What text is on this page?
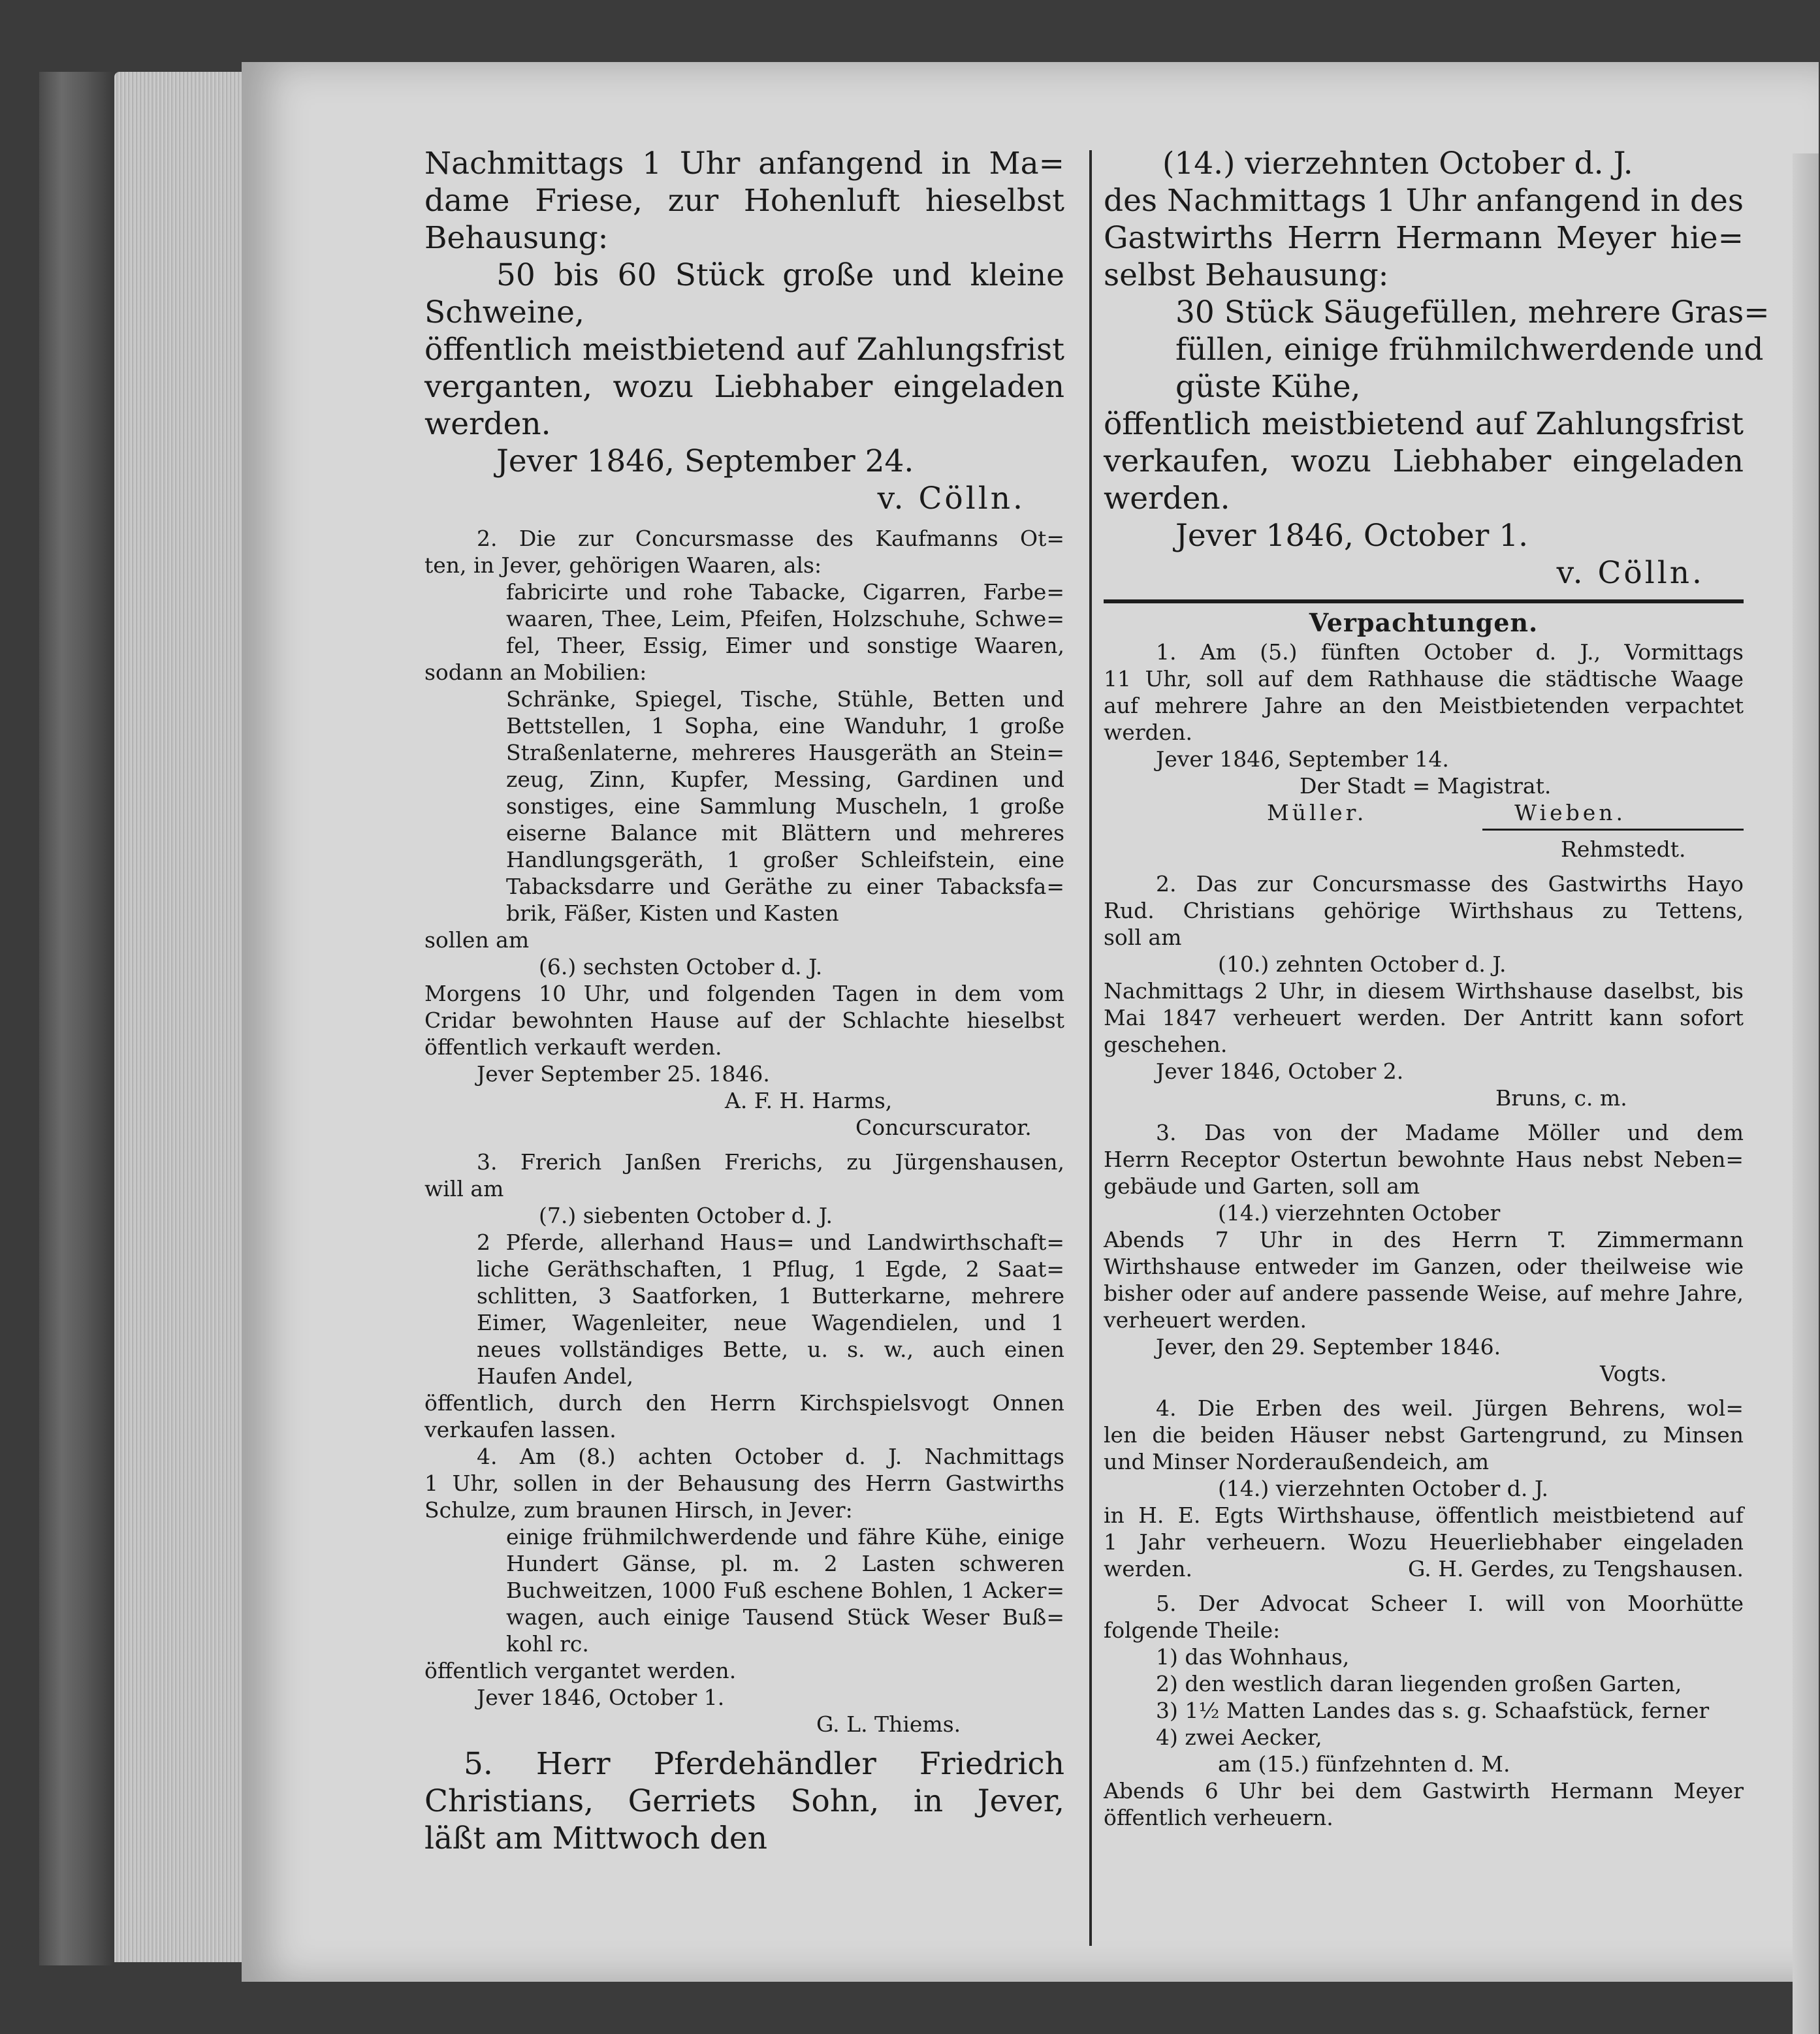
Nachmittags 1 Uhr anfangend in Ma=
dame Friese, zur Hohenluft hieselbst
Behausung:
50 bis 60 Stück große und kleine
Schweine,
öffentlich meistbietend auf Zahlungsfrist
verganten, wozu Liebhaber eingeladen
werden.
Jever 1846, September 24.
v. Cölln.
2. Die zur Concursmasse des Kaufmanns Ot=
ten, in Jever, gehörigen Waaren, als:
fabricirte und rohe Tabacke, Cigarren, Farbe=
waaren, Thee, Leim, Pfeifen, Holzschuhe, Schwe=
fel, Theer, Essig, Eimer und sonstige Waaren,
sodann an Mobilien:
Schränke, Spiegel, Tische, Stühle, Betten und
Bettstellen, 1 Sopha, eine Wanduhr, 1 große
Straßenlaterne, mehreres Hausgeräth an Stein=
zeug, Zinn, Kupfer, Messing, Gardinen und
sonstiges, eine Sammlung Muscheln, 1 große
eiserne Balance mit Blättern und mehreres
Handlungsgeräth, 1 großer Schleifstein, eine
Tabacksdarre und Geräthe zu einer Tabacksfa=
brik, Fäßer, Kisten und Kasten
sollen am
(6.) sechsten October d. J.
Morgens 10 Uhr, und folgenden Tagen in dem vom
Cridar bewohnten Hause auf der Schlachte hieselbst
öffentlich verkauft werden.
Jever September 25. 1846.
A. F. H. Harms,
Concurscurator.
3. Frerich Janßen Frerichs, zu Jürgenshausen,
will am
(7.) siebenten October d. J.
2 Pferde, allerhand Haus= und Landwirthschaft=
liche Geräthschaften, 1 Pflug, 1 Egde, 2 Saat=
schlitten, 3 Saatforken, 1 Butterkarne, mehrere
Eimer, Wagenleiter, neue Wagendielen, und 1
neues vollständiges Bette, u. s. w., auch einen
Haufen Andel,
öffentlich, durch den Herrn Kirchspielsvogt Onnen
verkaufen lassen.
4. Am (8.) achten October d. J. Nachmittags
1 Uhr, sollen in der Behausung des Herrn Gastwirths
Schulze, zum braunen Hirsch, in Jever:
einige frühmilchwerdende und fähre Kühe, einige
Hundert Gänse, pl. m. 2 Lasten schweren
Buchweitzen, 1000 Fuß eschene Bohlen, 1 Acker=
wagen, auch einige Tausend Stück Weser Buß=
kohl rc.
öffentlich vergantet werden.
Jever 1846, October 1.
G. L. Thiems.
5. Herr Pferdehändler Friedrich
Christians, Gerriets Sohn, in Jever,
läßt am Mittwoch den
(14.) vierzehnten October d. J.
des Nachmittags 1 Uhr anfangend in des
Gastwirths Herrn Hermann Meyer hie=
selbst Behausung:
30 Stück Säugefüllen, mehrere Gras=
füllen, einige frühmilchwerdende und
güste Kühe,
öffentlich meistbietend auf Zahlungsfrist
verkaufen, wozu Liebhaber eingeladen
werden.
Jever 1846, October 1.
v. Cölln.
Verpachtungen.
1. Am (5.) fünften October d. J., Vormittags
11 Uhr, soll auf dem Rathhause die städtische Waage
auf mehrere Jahre an den Meistbietenden verpachtet
werden.
Jever 1846, September 14.
Der Stadt = Magistrat.
Müller.	Wieben.
Rehmstedt.
2. Das zur Concursmasse des Gastwirths Hayo
Rud. Christians gehörige Wirthshaus zu Tettens,
soll am
(10.) zehnten October d. J.
Nachmittags 2 Uhr, in diesem Wirthshause daselbst, bis
Mai 1847 verheuert werden. Der Antritt kann sofort
geschehen.
Jever 1846, October 2.
Bruns, c. m.
3. Das von der Madame Möller und dem
Herrn Receptor Ostertun bewohnte Haus nebst Neben=
gebäude und Garten, soll am
(14.) vierzehnten October
Abends 7 Uhr in des Herrn T. Zimmermann
Wirthshause entweder im Ganzen, oder theilweise wie
bisher oder auf andere passende Weise, auf mehre Jahre,
verheuert werden.
Jever, den 29. September 1846.
Vogts.
4. Die Erben des weil. Jürgen Behrens, wol=
len die beiden Häuser nebst Gartengrund, zu Minsen
und Minser Norderaußendeich, am
(14.) vierzehnten October d. J.
in H. E. Egts Wirthshause, öffentlich meistbietend auf
1 Jahr verheuern. Wozu Heuerliebhaber eingeladen
werden.	G. H. Gerdes, zu Tengshausen.
5. Der Advocat Scheer I. will von Moorhütte
folgende Theile:
1) das Wohnhaus,
2) den westlich daran liegenden großen Garten,
3) 1½ Matten Landes das s. g. Schaafstück, ferner
4) zwei Aecker,
am (15.) fünfzehnten d. M.
Abends 6 Uhr bei dem Gastwirth Hermann Meyer
öffentlich verheuern.
